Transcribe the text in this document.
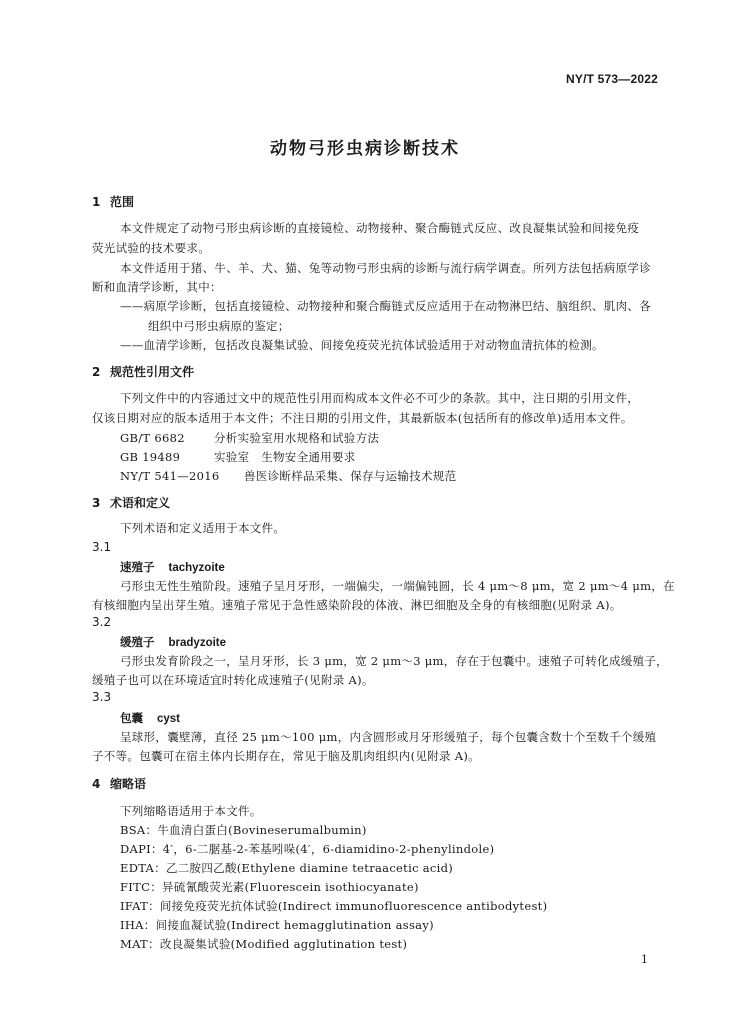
NY/T 573—2022
动物弓形虫病诊断技术
1 范围
本文件规定了动物弓形虫病诊断的直接镜检、动物接种、聚合酶链式反应、改良凝集试验和间接免疫
荧光试验的技术要求。
本文件适用于猪、牛、羊、犬、猫、兔等动物弓形虫病的诊断与流行病学调查。所列方法包括病原学诊
断和血清学诊断，其中：
——病原学诊断，包括直接镜检、动物接种和聚合酶链式反应适用于在动物淋巴结、脑组织、肌肉、各
组织中弓形虫病原的鉴定；
——血清学诊断，包括改良凝集试验、间接免疫荧光抗体试验适用于对动物血清抗体的检测。
2 规范性引用文件
下列文件中的内容通过文中的规范性引用而构成本文件必不可少的条款。其中，注日期的引用文件，
仅该日期对应的版本适用于本文件；不注日期的引用文件，其最新版本(包括所有的修改单)适用本文件。
GB/T 6682	分析实验室用水规格和试验方法
GB 19489	实验室　生物安全通用要求
NY/T 541—2016 兽医诊断样品采集、保存与运输技术规范
3 术语和定义
下列术语和定义适用于本文件。
3.1
速殖子 tachyzoite
弓形虫无性生殖阶段。速殖子呈月牙形，一端偏尖，一端偏钝圆，长 4 μm～8 μm，宽 2 μm～4 μm，在
有核细胞内呈出芽生殖。速殖子常见于急性感染阶段的体液、淋巴细胞及全身的有核细胞(见附录 A)。
3.2
缓殖子 bradyzoite
弓形虫发育阶段之一，呈月牙形，长 3 μm，宽 2 μm～3 μm，存在于包囊中。速殖子可转化成缓殖子，
缓殖子也可以在环境适宜时转化成速殖子(见附录 A)。
3.3
包囊 cyst
呈球形，囊壁薄，直径 25 μm～100 μm，内含圆形或月牙形缓殖子，每个包囊含数十个至数千个缓殖
子不等。包囊可在宿主体内长期存在，常见于脑及肌肉组织内(见附录 A)。
4 缩略语
下列缩略语适用于本文件。
BSA：牛血清白蛋白(Bovineserumalbumin)
DAPI：4′，6-二腒基-2-苯基吲哚(4′，6-diamidino-2-phenylindole)
EDTA：乙二胺四乙酸(Ethylene diamine tetraacetic acid)
FITC：异硫氰酸荧光素(Fluorescein isothiocyanate)
IFAT：间接免疫荧光抗体试验(Indirect immunofluorescence antibodytest)
IHA：间接血凝试验(Indirect hemagglutination assay)
MAT：改良凝集试验(Modified agglutination test)
1
